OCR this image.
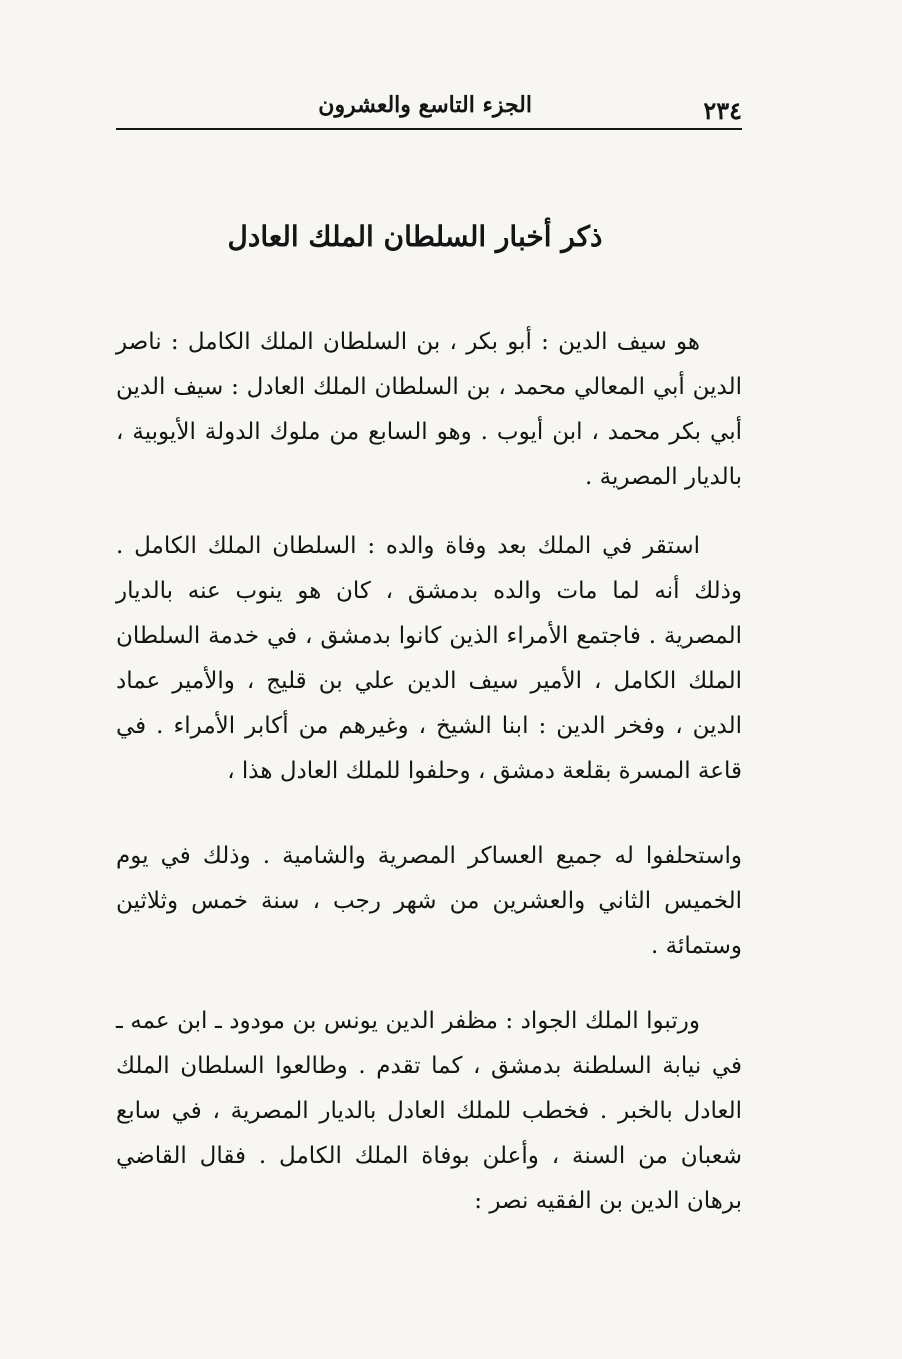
٢٣٤
الجزء التاسع والعشرون
ذكر أخبار السلطان الملك العادل

هو سيف الدين : أبو بكر ، بن السلطان الملك الكامل : ناصر الدين أبي المعالي محمد ، بن السلطان الملك العادل : سيف الدين أبي بكر محمد ، ابن أيوب . وهو السابع من ملوك الدولة الأيوبية ، بالديار المصرية .

استقر في الملك بعد وفاة والده : السلطان الملك الكامل . وذلك أنه لما مات والده بدمشق ، كان هو ينوب عنه بالديار المصرية . فاجتمع الأمراء الذين كانوا بدمشق ، في خدمة السلطان الملك الكامل ، الأمير سيف الدين علي بن قليج ، والأمير عماد الدين ، وفخر الدين : ابنا الشيخ ، وغيرهم من أكابر الأمراء . في قاعة المسرة بقلعة دمشق ، وحلفوا للملك العادل هذا ،

واستحلفوا له جميع العساكر المصرية والشامية . وذلك في يوم الخميس الثاني والعشرين من شهر رجب ، سنة خمس وثلاثين وستمائة .

ورتبوا الملك الجواد : مظفر الدين يونس بن مودود ـ ابن عمه ـ في نيابة السلطنة بدمشق ، كما تقدم . وطالعوا السلطان الملك العادل بالخبر . فخطب للملك العادل بالديار المصرية ، في سابع شعبان من السنة ، وأعلن بوفاة الملك الكامل . فقال القاضي برهان الدين بن الفقيه نصر :
